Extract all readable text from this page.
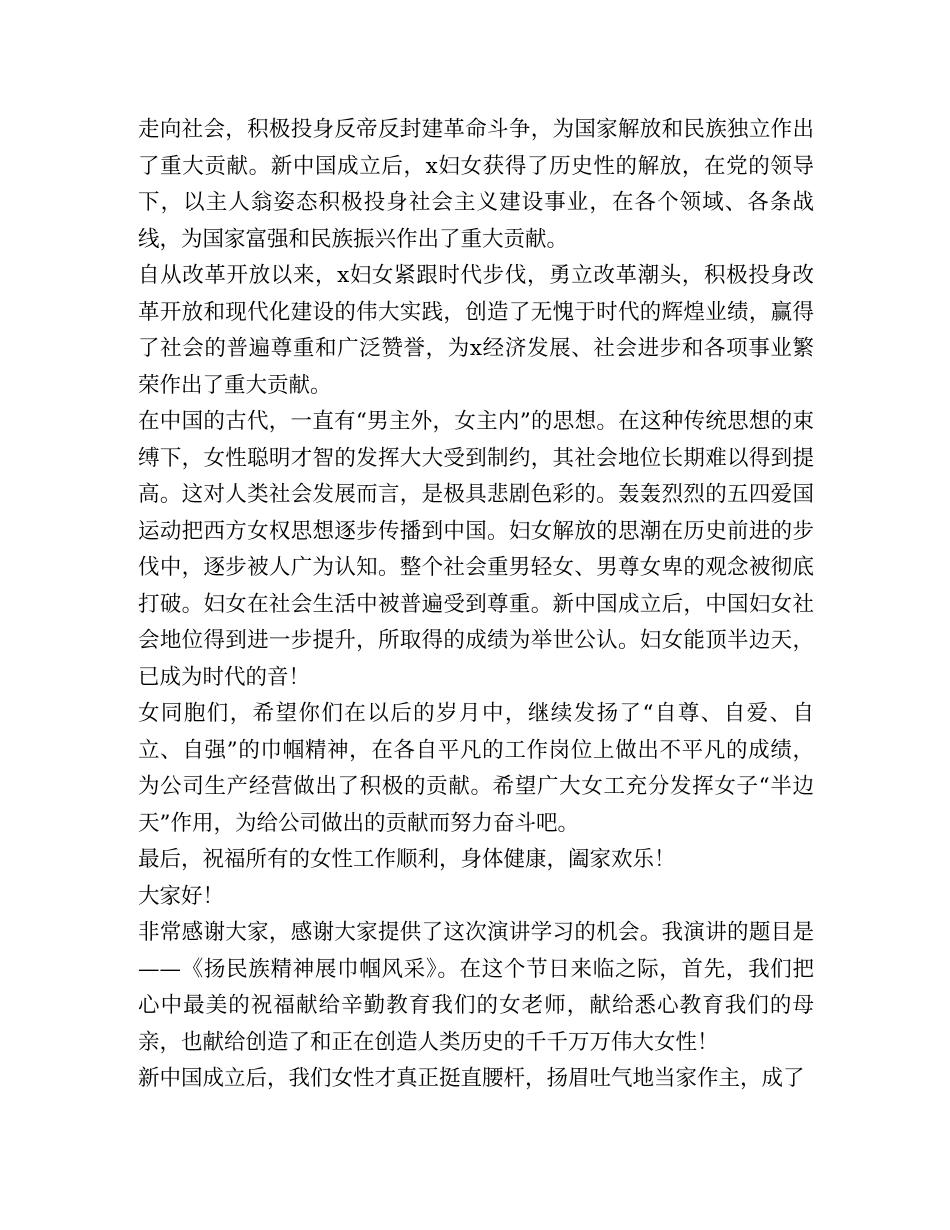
走向社会，积极投身反帝反封建革命斗争，为国家解放和民族独立作出了重大贡献。新中国成立后，x妇女获得了历史性的解放，在党的领导下，以主人翁姿态积极投身社会主义建设事业，在各个领域、各条战线，为国家富强和民族振兴作出了重大贡献。

自从改革开放以来，x妇女紧跟时代步伐，勇立改革潮头，积极投身改革开放和现代化建设的伟大实践，创造了无愧于时代的辉煌业绩，赢得了社会的普遍尊重和广泛赞誉，为x经济发展、社会进步和各项事业繁荣作出了重大贡献。

在中国的古代，一直有“男主外，女主内”的思想。在这种传统思想的束缚下，女性聪明才智的发挥大大受到制约，其社会地位长期难以得到提高。这对人类社会发展而言，是极具悲剧色彩的。轰轰烈烈的五四爱国运动把西方女权思想逐步传播到中国。妇女解放的思潮在历史前进的步伐中，逐步被人广为认知。整个社会重男轻女、男尊女卑的观念被彻底打破。妇女在社会生活中被普遍受到尊重。新中国成立后，中国妇女社会地位得到进一步提升，所取得的成绩为举世公认。妇女能顶半边天，已成为时代的音！

女同胞们，希望你们在以后的岁月中，继续发扬了“自尊、自爱、自立、自强”的巾帼精神，在各自平凡的工作岗位上做出不平凡的成绩，为公司生产经营做出了积极的贡献。希望广大女工充分发挥女子“半边天”作用，为给公司做出的贡献而努力奋斗吧。

最后，祝福所有的女性工作顺利，身体健康，阖家欢乐！

大家好！

非常感谢大家，感谢大家提供了这次演讲学习的机会。我演讲的题目是——《扬民族精神展巾帼风采》。在这个节日来临之际，首先，我们把心中最美的祝福献给辛勤教育我们的女老师，献给悉心教育我们的母亲，也献给创造了和正在创造人类历史的千千万万伟大女性！

新中国成立后，我们女性才真正挺直腰杆，扬眉吐气地当家作主，成了
